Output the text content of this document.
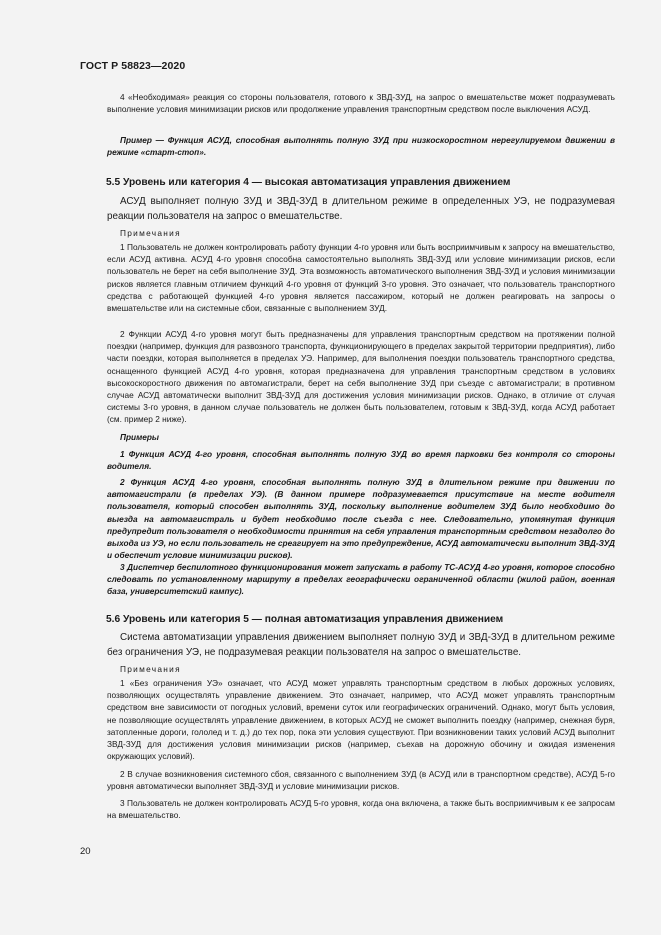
ГОСТ Р 58823—2020

4 «Необходимая» реакция со стороны пользователя, готового к ЗВД-ЗУД, на запрос о вмешательстве может подразумевать выполнение условия минимизации рисков или продолжение управления транспортным средством после выключения АСУД.

Пример — Функция АСУД, способная выполнять полную ЗУД при низкоскоростном нерегулируемом движении в режиме «старт-стоп».

5.5 Уровень или категория 4 — высокая автоматизация управления движением

АСУД выполняет полную ЗУД и ЗВД-ЗУД в длительном режиме в определенных УЭ, не подразумевая реакции пользователя на запрос о вмешательстве.

Примечания

1 Пользователь не должен контролировать работу функции 4-го уровня или быть восприимчивым к запросу на вмешательство, если АСУД активна. АСУД 4-го уровня способна самостоятельно выполнять ЗВД-ЗУД или условие минимизации рисков, если пользователь не берет на себя выполнение ЗУД. Эта возможность автоматического выполнения ЗВД-ЗУД и условия минимизации рисков является главным отличием функций 4-го уровня от функций 3-го уровня. Это означает, что пользователь транспортного средства с работающей функцией 4-го уровня является пассажиром, который не должен реагировать на запросы о вмешательстве или на системные сбои, связанные с выполнением ЗУД.

2 Функции АСУД 4-го уровня могут быть предназначены для управления транспортным средством на протяжении полной поездки (например, функция для развозного транспорта, функционирующего в пределах закрытой территории предприятия), либо части поездки, которая выполняется в пределах УЭ. Например, для выполнения поездки пользователь транспортного средства, оснащенного функцией АСУД 4-го уровня, которая предназначена для управления транспортным средством в условиях высокоскоростного движения по автомагистрали, берет на себя выполнение ЗУД при съезде с автомагистрали; в противном случае АСУД автоматически выполнит ЗВД-ЗУД для достижения условия минимизации рисков. Однако, в отличие от случая системы 3-го уровня, в данном случае пользователь не должен быть пользователем, готовым к ЗВД-ЗУД, когда АСУД работает (см. пример 2 ниже).

Примеры

1 Функция АСУД 4-го уровня, способная выполнять полную ЗУД во время парковки без контроля со стороны водителя.

2 Функция АСУД 4-го уровня, способная выполнять полную ЗУД в длительном режиме при движении по автомагистрали (в пределах УЭ). (В данном примере подразумевается присутствие на месте водителя пользователя, который способен выполнять ЗУД, поскольку выполнение водителем ЗУД было необходимо до выезда на автомагистраль и будет необходимо после съезда с нее. Следовательно, упомянутая функция предупредит пользователя о необходимости принятия на себя управления транспортным средством незадолго до выхода из УЭ, но если пользователь не среагирует на это предупреждение, АСУД автоматически выполнит ЗВД-ЗУД и обеспечит условие минимизации рисков).

3 Диспетчер беспилотного функционирования может запускать в работу ТС-АСУД 4-го уровня, которое способно следовать по установленному маршруту в пределах географически ограниченной области (жилой район, военная база, университетский кампус).

5.6 Уровень или категория 5 — полная автоматизация управления движением

Система автоматизации управления движением выполняет полную ЗУД и ЗВД-ЗУД в длительном режиме без ограничения УЭ, не подразумевая реакции пользователя на запрос о вмешательстве.

Примечания

1 «Без ограничения УЭ» означает, что АСУД может управлять транспортным средством в любых дорожных условиях, позволяющих осуществлять управление движением. Это означает, например, что АСУД может управлять транспортным средством вне зависимости от погодных условий, времени суток или географических ограничений. Однако, могут быть условия, не позволяющие осуществлять управление движением, в которых АСУД не сможет выполнить поездку (например, снежная буря, затопленные дороги, гололед и т. д.) до тех пор, пока эти условия существуют. При возникновении таких условий АСУД выполнит ЗВД-ЗУД для достижения условия минимизации рисков (например, съехав на дорожную обочину и ожидая изменения окружающих условий).

2 В случае возникновения системного сбоя, связанного с выполнением ЗУД (в АСУД или в транспортном средстве), АСУД 5-го уровня автоматически выполняет ЗВД-ЗУД и условие минимизации рисков.

3 Пользователь не должен контролировать АСУД 5-го уровня, когда она включена, а также быть восприимчивым к ее запросам на вмешательство.

20
